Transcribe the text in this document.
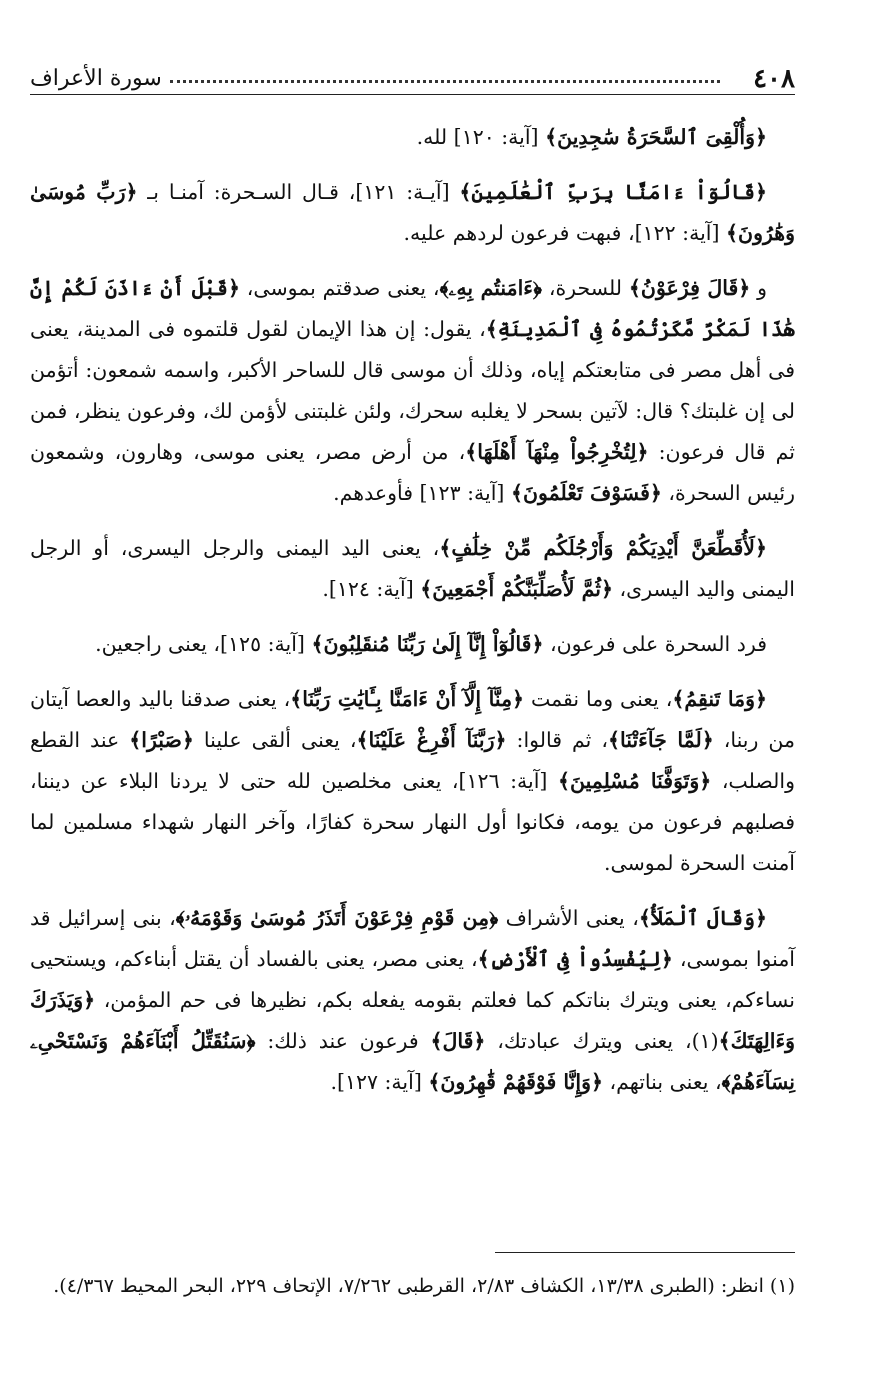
٤٠٨
سورة الأعراف

﴿وَأُلْقِىَ ٱلسَّحَرَةُ سَٰجِدِينَ﴾ [آية: ١٢٠] لله.

﴿قَالُوٓاْ ءَامَنَّا بِرَبِّ ٱلْعَٰلَمِينَ﴾ [آيـة: ١٢١]، قـال السـحرة: آمنـا بـ ﴿رَبِّ مُوسَىٰ وَهَٰرُونَ﴾ [آية: ١٢٢]، فبهت فرعون لردهم عليه.

و ﴿قَالَ فِرْعَوْنُ﴾ للسحرة، ﴿ءَامَنتُم بِهِۦ﴾، يعنى صدقتم بموسى، ﴿قَبْلَ أَنْ ءَاذَنَ لَكُمْ إِنَّ هَٰذَا لَمَكْرٌ مَّكَرْتُمُوهُ فِى ٱلْمَدِينَةِ﴾، يقول: إن هذا الإيمان لقول قلتموه فى المدينة، يعنى فى أهل مصر فى متابعتكم إياه، وذلك أن موسى قال للساحر الأكبر، واسمه شمعون: أتؤمن لى إن غلبتك؟ قال: لآتين بسحر لا يغلبه سحرك، ولئن غلبتنى لأؤمن لك، وفرعون ينظر، فمن ثم قال فرعون: ﴿لِتُخْرِجُواْ مِنْهَآ أَهْلَهَا﴾، من أرض مصر، يعنى موسى، وهارون، وشمعون رئيس السحرة، ﴿فَسَوْفَ تَعْلَمُونَ﴾ [آية: ١٢٣] فأوعدهم.

﴿لَأُقَطِّعَنَّ أَيْدِيَكُمْ وَأَرْجُلَكُم مِّنْ خِلَٰفٍ﴾، يعنى اليد اليمنى والرجل اليسرى، أو الرجل اليمنى واليد اليسرى، ﴿ثُمَّ لَأُصَلِّبَنَّكُمْ أَجْمَعِينَ﴾ [آية: ١٢٤].

فرد السحرة على فرعون، ﴿قَالُوٓاْ إِنَّآ إِلَىٰ رَبِّنَا مُنقَلِبُونَ﴾ [آية: ١٢٥]، يعنى راجعين.

﴿وَمَا تَنقِمُ﴾، يعنى وما نقمت ﴿مِنَّآ إِلَّآ أَنْ ءَامَنَّا بِـَٔايَٰتِ رَبِّنَا﴾، يعنى صدقنا باليد والعصا آيتان من ربنا، ﴿لَمَّا جَآءَتْنَا﴾، ثم قالوا: ﴿رَبَّنَآ أَفْرِغْ عَلَيْنَا﴾، يعنى ألقى علينا ﴿صَبْرًا﴾ عند القطع والصلب، ﴿وَتَوَفَّنَا مُسْلِمِينَ﴾ [آية: ١٢٦]، يعنى مخلصين لله حتى لا يردنا البلاء عن ديننا، فصلبهم فرعون من يومه، فكانوا أول النهار سحرة كفارًا، وآخر النهار شهداء مسلمين لما آمنت السحرة لموسى.

﴿وَقَالَ ٱلْمَلَأُ﴾، يعنى الأشراف ﴿مِن قَوْمِ فِرْعَوْنَ أَتَذَرُ مُوسَىٰ وَقَوْمَهُۥ﴾، بنى إسرائيل قد آمنوا بموسى، ﴿لِيُفْسِدُواْ فِى ٱلْأَرْضِ﴾، يعنى مصر، يعنى بالفساد أن يقتل أبناءكم، ويستحيى نساءكم، يعنى ويترك بناتكم كما فعلتم بقومه يفعله بكم، نظيرها فى حم المؤمن، ﴿وَيَذَرَكَ وَءَالِهَتَكَ﴾(١)، يعنى ويترك عبادتك، ﴿قَالَ﴾ فرعون عند ذلك: ﴿سَنُقَتِّلُ أَبْنَآءَهُمْ وَنَسْتَحْىِۦ نِسَآءَهُمْ﴾، يعنى بناتهم، ﴿وَإِنَّا فَوْقَهُمْ قَٰهِرُونَ﴾ [آية: ١٢٧].

(١) انظر: (الطبرى ١٣/٣٨، الكشاف ٢/٨٣، القرطبى ٧/٢٦٢، الإتحاف ٢٢٩، البحر المحيط ٤/٣٦٧).
